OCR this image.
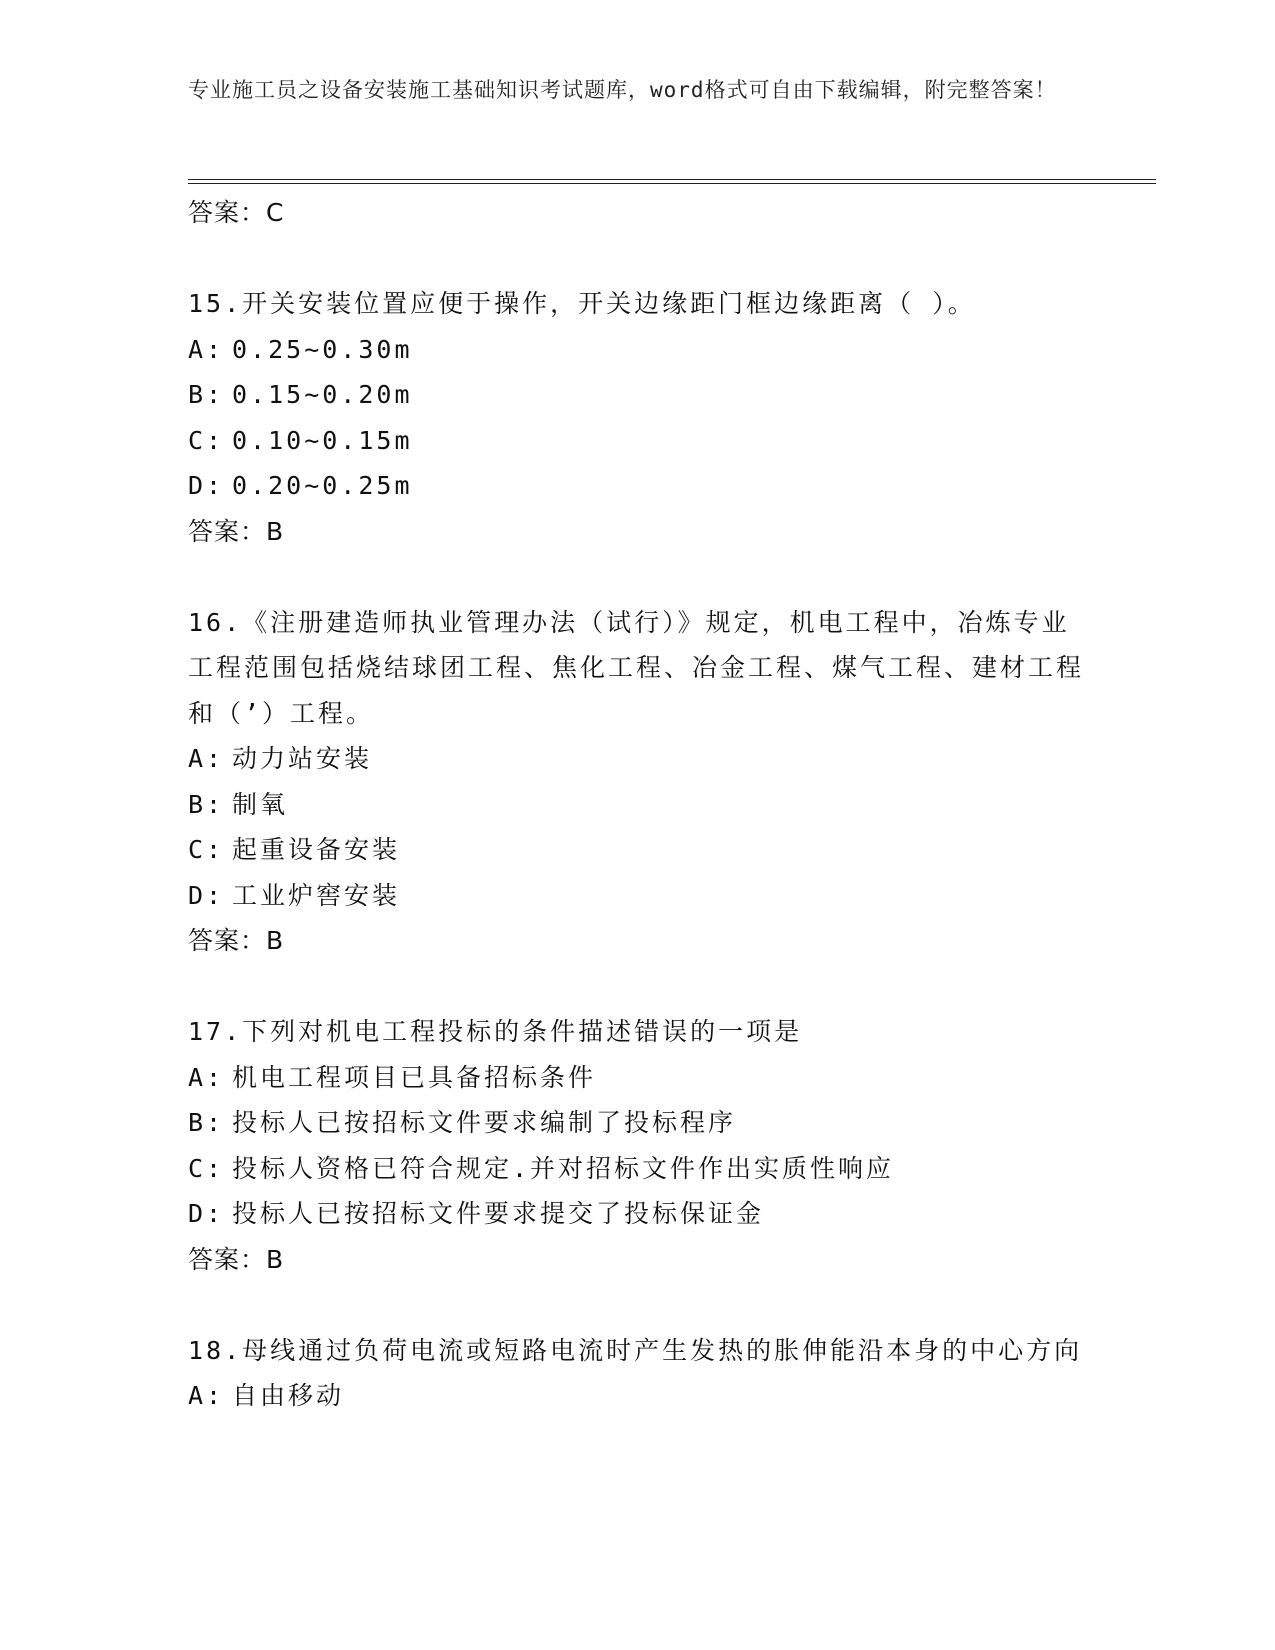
专业施工员之设备安装施工基础知识考试题库，word格式可自由下载编辑，附完整答案！
答案：C
15.开关安装位置应便于操作，开关边缘距门框边缘距离（ ）。
A: 0.25~0.30m
B: 0.15~0.20m
C: 0.10~0.15m
D: 0.20~0.25m
答案：B
16.《注册建造师执业管理办法（试行）》规定，机电工程中，冶炼专业工程范围包括烧结球团工程、焦化工程、冶金工程、煤气工程、建材工程和（’）工程。
A: 动力站安装
B: 制氧
C: 起重设备安装
D: 工业炉窖安装
答案：B
17.下列对机电工程投标的条件描述错误的一项是
A: 机电工程项目已具备招标条件
B: 投标人已按招标文件要求编制了投标程序
C: 投标人资格已符合规定.并对招标文件作出实质性响应
D: 投标人已按招标文件要求提交了投标保证金
答案：B
18.母线通过负荷电流或短路电流时产生发热的胀伸能沿本身的中心方向
A: 自由移动
